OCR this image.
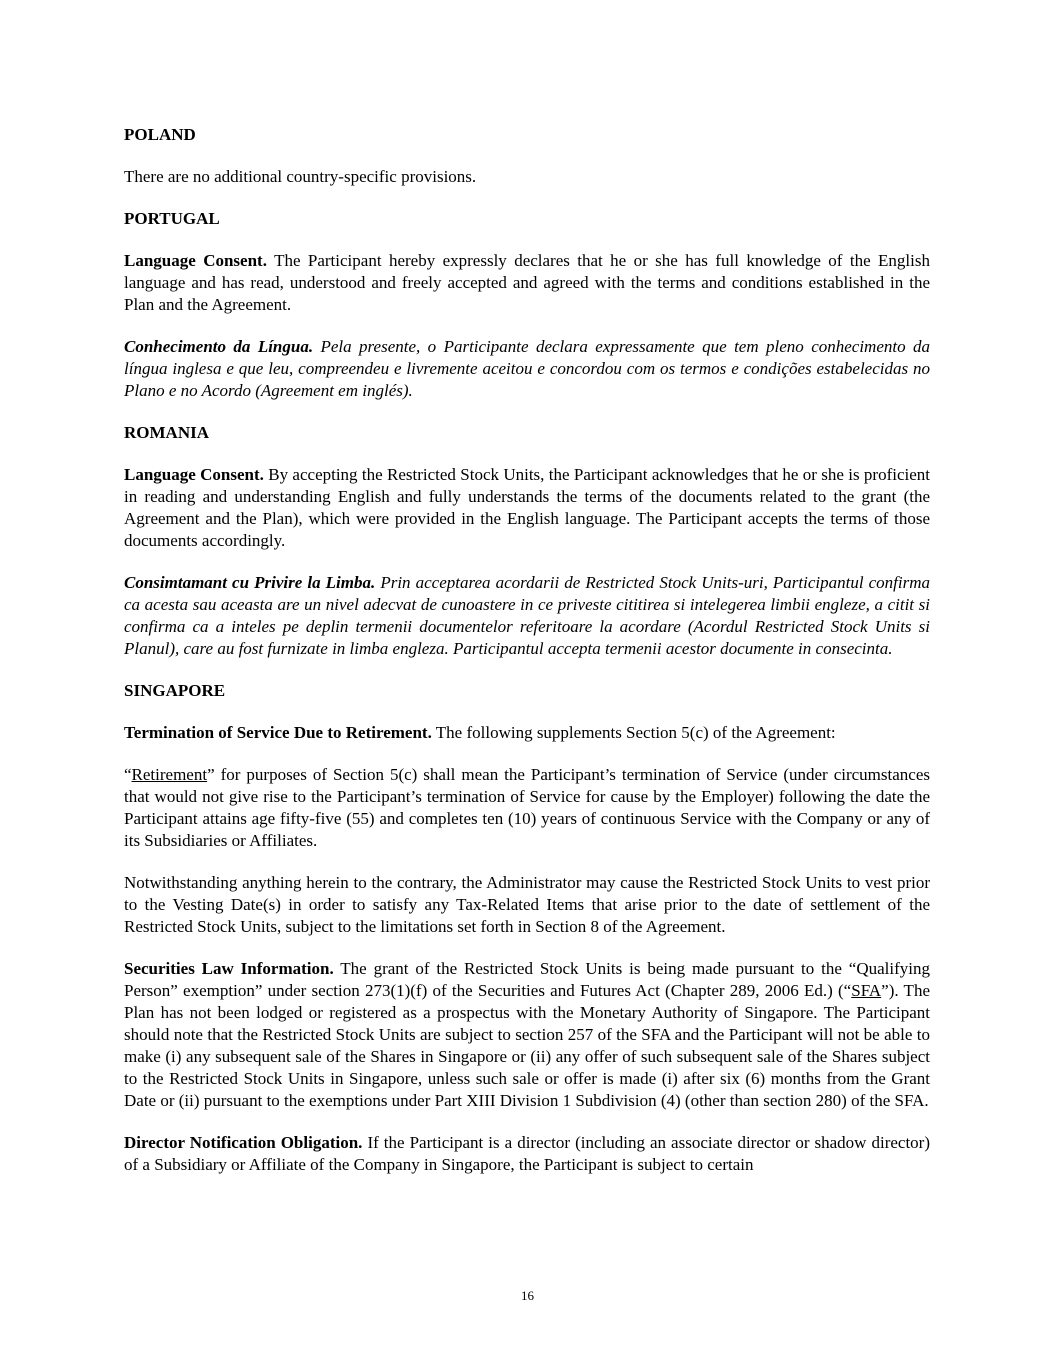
POLAND

There are no additional country-specific provisions.

PORTUGAL

Language Consent. The Participant hereby expressly declares that he or she has full knowledge of the English language and has read, understood and freely accepted and agreed with the terms and conditions established in the Plan and the Agreement.

Conhecimento da Língua. Pela presente, o Participante declara expressamente que tem pleno conhecimento da língua inglesa e que leu, compreendeu e livremente aceitou e concordou com os termos e condições estabelecidas no Plano e no Acordo (Agreement em inglés).

ROMANIA

Language Consent. By accepting the Restricted Stock Units, the Participant acknowledges that he or she is proficient in reading and understanding English and fully understands the terms of the documents related to the grant (the Agreement and the Plan), which were provided in the English language. The Participant accepts the terms of those documents accordingly.

Consimtamant cu Privire la Limba. Prin acceptarea acordarii de Restricted Stock Units-uri, Participantul confirma ca acesta sau aceasta are un nivel adecvat de cunoastere in ce priveste cititirea si intelegerea limbii engleze, a citit si confirma ca a inteles pe deplin termenii documentelor referitoare la acordare (Acordul Restricted Stock Units si Planul), care au fost furnizate in limba engleza. Participantul accepta termenii acestor documente in consecinta.

SINGAPORE

Termination of Service Due to Retirement. The following supplements Section 5(c) of the Agreement:

“Retirement” for purposes of Section 5(c) shall mean the Participant’s termination of Service (under circumstances that would not give rise to the Participant’s termination of Service for cause by the Employer) following the date the Participant attains age fifty-five (55) and completes ten (10) years of continuous Service with the Company or any of its Subsidiaries or Affiliates.

Notwithstanding anything herein to the contrary, the Administrator may cause the Restricted Stock Units to vest prior to the Vesting Date(s) in order to satisfy any Tax-Related Items that arise prior to the date of settlement of the Restricted Stock Units, subject to the limitations set forth in Section 8 of the Agreement.

Securities Law Information. The grant of the Restricted Stock Units is being made pursuant to the “Qualifying Person” exemption” under section 273(1)(f) of the Securities and Futures Act (Chapter 289, 2006 Ed.) (“SFA”). The Plan has not been lodged or registered as a prospectus with the Monetary Authority of Singapore. The Participant should note that the Restricted Stock Units are subject to section 257 of the SFA and the Participant will not be able to make (i) any subsequent sale of the Shares in Singapore or (ii) any offer of such subsequent sale of the Shares subject to the Restricted Stock Units in Singapore, unless such sale or offer is made (i) after six (6) months from the Grant Date or (ii) pursuant to the exemptions under Part XIII Division 1 Subdivision (4) (other than section 280) of the SFA.

Director Notification Obligation. If the Participant is a director (including an associate director or shadow director) of a Subsidiary or Affiliate of the Company in Singapore, the Participant is subject to certain

16
